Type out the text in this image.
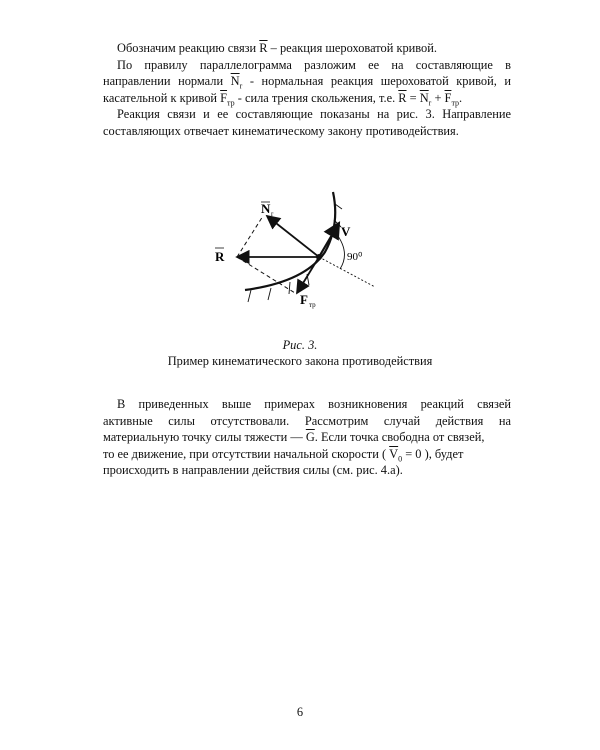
Обозначим реакцию связи $\overline{R}$ – реакция шероховатой кривой.
По правилу параллелограмма разложим ее на составляющие в
направлении нормали $\overline{N}_r$ - нормальная реакция шероховатой кривой, и
касательной к кривой $\overline{F}_{тр}$ - сила трения скольжения, т.е. $\overline{R} = \overline{N}_r + \overline{F}_{тр}$.
Реакция связи и ее составляющие показаны на рис. 3. Направление
составляющих отвечает кинематическому закону противодействия.
R
N r
V
90⁰
F тр
Рис. 3.
Пример кинематического закона противодействия
В приведенных выше примерах возникновения реакций связей
активные силы отсутствовали. Рассмотрим случай действия на
материальную точку силы тяжести — $\overline{G}$. Если точка свободна от связей,
то ее движение, при отсутствии начальной скорости ( $\overline{V}_0 = 0$ ), будет
происходить в направлении действия силы (см. рис. 4.а).
6
